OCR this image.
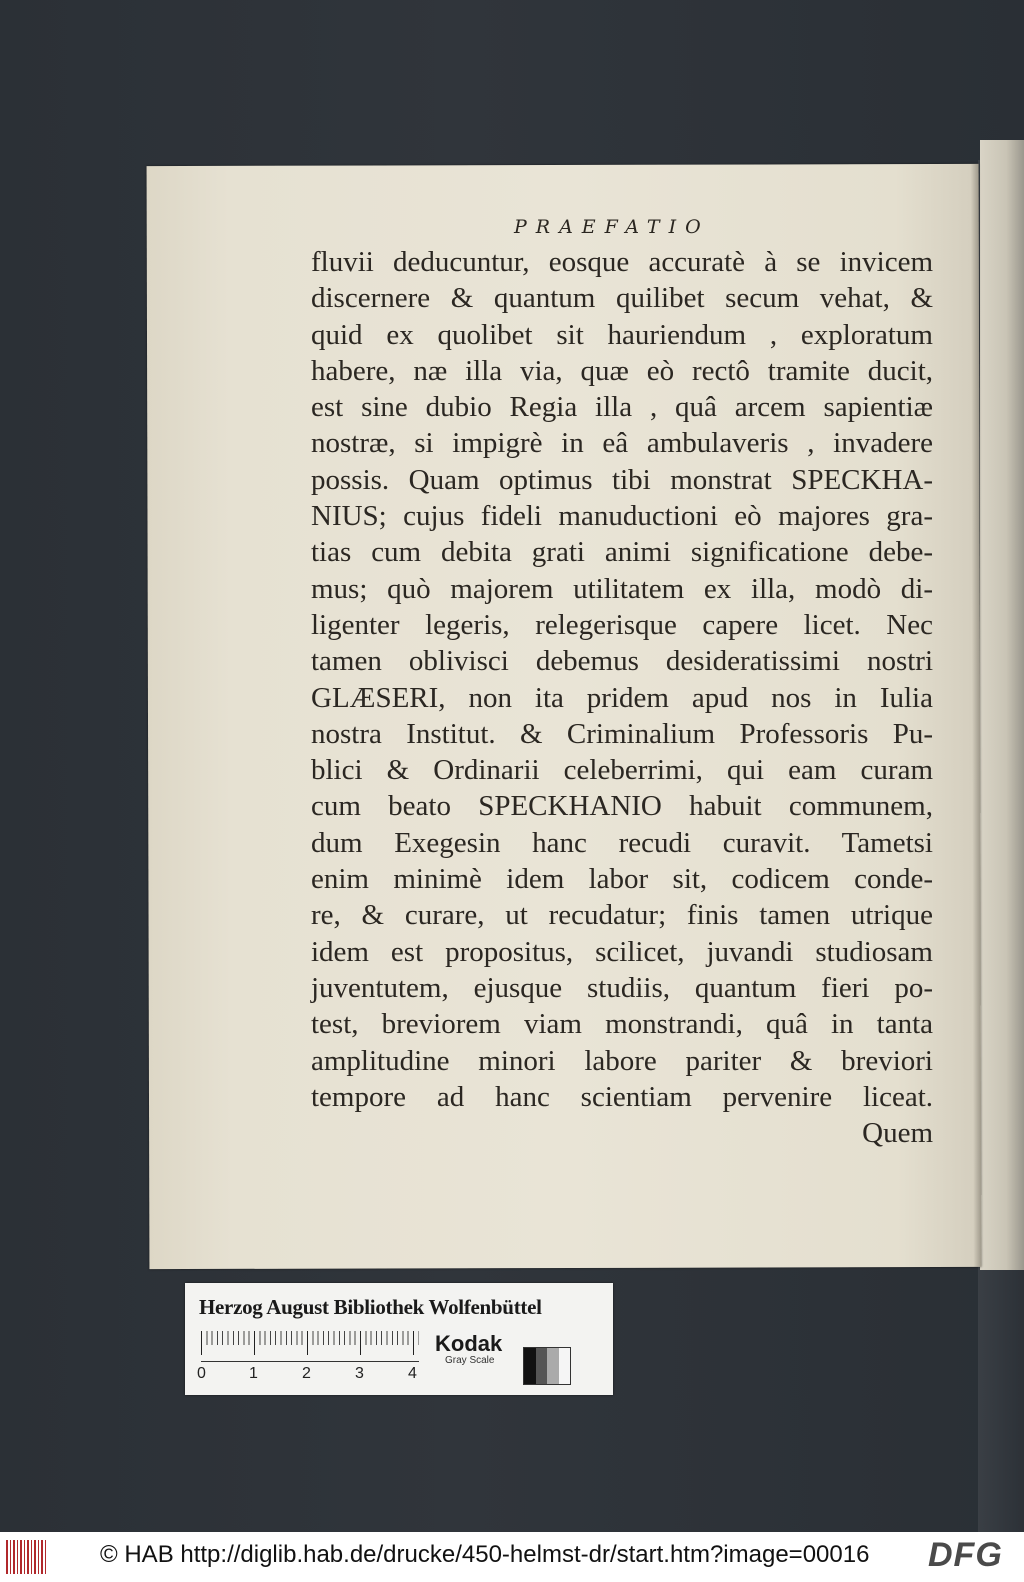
PRAEFATIO
fluvii deducuntur, eosque accuratè à se invicem
discernere & quantum quilibet secum vehat, &
quid ex quolibet sit hauriendum , exploratum
habere, næ illa via, quæ eò rectô tramite ducit,
est sine dubio Regia illa , quâ arcem sapientiæ
nostræ, si impigrè in eâ ambulaveris , invadere
possis. Quam optimus tibi monstrat SPECKHA-
NIUS; cujus fideli manuductioni eò majores gra-
tias cum debita grati animi significatione debe-
mus; quò majorem utilitatem ex illa, modò di-
ligenter legeris, relegerisque capere licet. Nec
tamen oblivisci debemus desideratissimi nostri
GLÆSERI, non ita pridem apud nos in Iulia
nostra Institut. & Criminalium Professoris Pu-
blici & Ordinarii celeberrimi, qui eam curam
cum beato SPECKHANIO habuit communem,
dum Exegesin hanc recudi curavit. Tametsi
enim minimè idem labor sit, codicem conde-
re, & curare, ut recudatur; finis tamen utrique
idem est propositus, scilicet, juvandi studiosam
juventutem, ejusque studiis, quantum fieri po-
test, breviorem viam monstrandi, quâ in tanta
amplitudine minori labore pariter & breviori
tempore ad hanc scientiam pervenire liceat.
Quem
Herzog August Bibliothek Wolfenbüttel
0	1	2	3	4
Kodak
Gray Scale
© HAB http://diglib.hab.de/drucke/450-helmst-dr/start.htm?image=00016 DFG
